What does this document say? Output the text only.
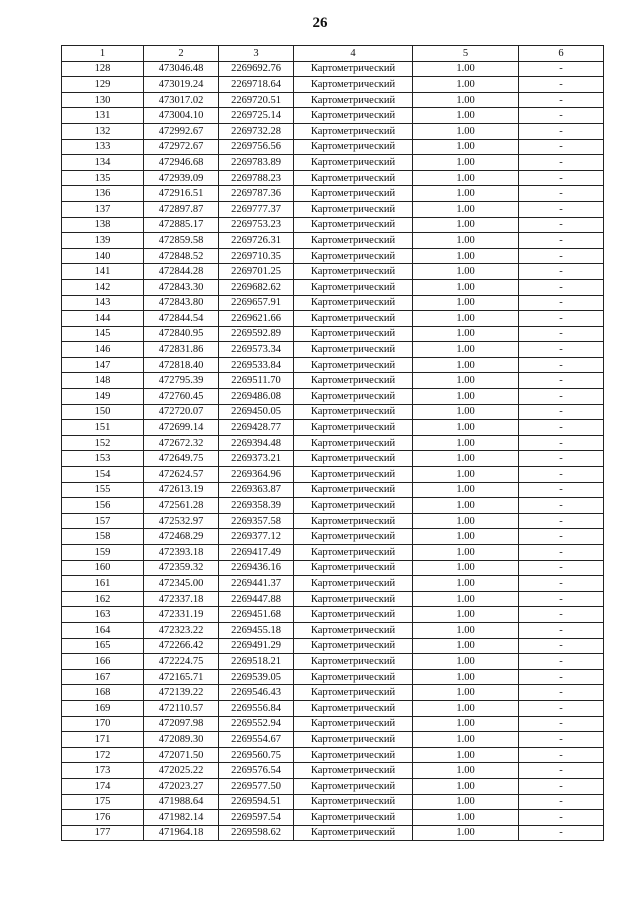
26
1	2	3	4	5	6
128	473046.48	2269692.76	Картометрический	1.00	-
129	473019.24	2269718.64	Картометрический	1.00	-
130	473017.02	2269720.51	Картометрический	1.00	-
131	473004.10	2269725.14	Картометрический	1.00	-
132	472992.67	2269732.28	Картометрический	1.00	-
133	472972.67	2269756.56	Картометрический	1.00	-
134	472946.68	2269783.89	Картометрический	1.00	-
135	472939.09	2269788.23	Картометрический	1.00	-
136	472916.51	2269787.36	Картометрический	1.00	-
137	472897.87	2269777.37	Картометрический	1.00	-
138	472885.17	2269753.23	Картометрический	1.00	-
139	472859.58	2269726.31	Картометрический	1.00	-
140	472848.52	2269710.35	Картометрический	1.00	-
141	472844.28	2269701.25	Картометрический	1.00	-
142	472843.30	2269682.62	Картометрический	1.00	-
143	472843.80	2269657.91	Картометрический	1.00	-
144	472844.54	2269621.66	Картометрический	1.00	-
145	472840.95	2269592.89	Картометрический	1.00	-
146	472831.86	2269573.34	Картометрический	1.00	-
147	472818.40	2269533.84	Картометрический	1.00	-
148	472795.39	2269511.70	Картометрический	1.00	-
149	472760.45	2269486.08	Картометрический	1.00	-
150	472720.07	2269450.05	Картометрический	1.00	-
151	472699.14	2269428.77	Картометрический	1.00	-
152	472672.32	2269394.48	Картометрический	1.00	-
153	472649.75	2269373.21	Картометрический	1.00	-
154	472624.57	2269364.96	Картометрический	1.00	-
155	472613.19	2269363.87	Картометрический	1.00	-
156	472561.28	2269358.39	Картометрический	1.00	-
157	472532.97	2269357.58	Картометрический	1.00	-
158	472468.29	2269377.12	Картометрический	1.00	-
159	472393.18	2269417.49	Картометрический	1.00	-
160	472359.32	2269436.16	Картометрический	1.00	-
161	472345.00	2269441.37	Картометрический	1.00	-
162	472337.18	2269447.88	Картометрический	1.00	-
163	472331.19	2269451.68	Картометрический	1.00	-
164	472323.22	2269455.18	Картометрический	1.00	-
165	472266.42	2269491.29	Картометрический	1.00	-
166	472224.75	2269518.21	Картометрический	1.00	-
167	472165.71	2269539.05	Картометрический	1.00	-
168	472139.22	2269546.43	Картометрический	1.00	-
169	472110.57	2269556.84	Картометрический	1.00	-
170	472097.98	2269552.94	Картометрический	1.00	-
171	472089.30	2269554.67	Картометрический	1.00	-
172	472071.50	2269560.75	Картометрический	1.00	-
173	472025.22	2269576.54	Картометрический	1.00	-
174	472023.27	2269577.50	Картометрический	1.00	-
175	471988.64	2269594.51	Картометрический	1.00	-
176	471982.14	2269597.54	Картометрический	1.00	-
177	471964.18	2269598.62	Картометрический	1.00	-
